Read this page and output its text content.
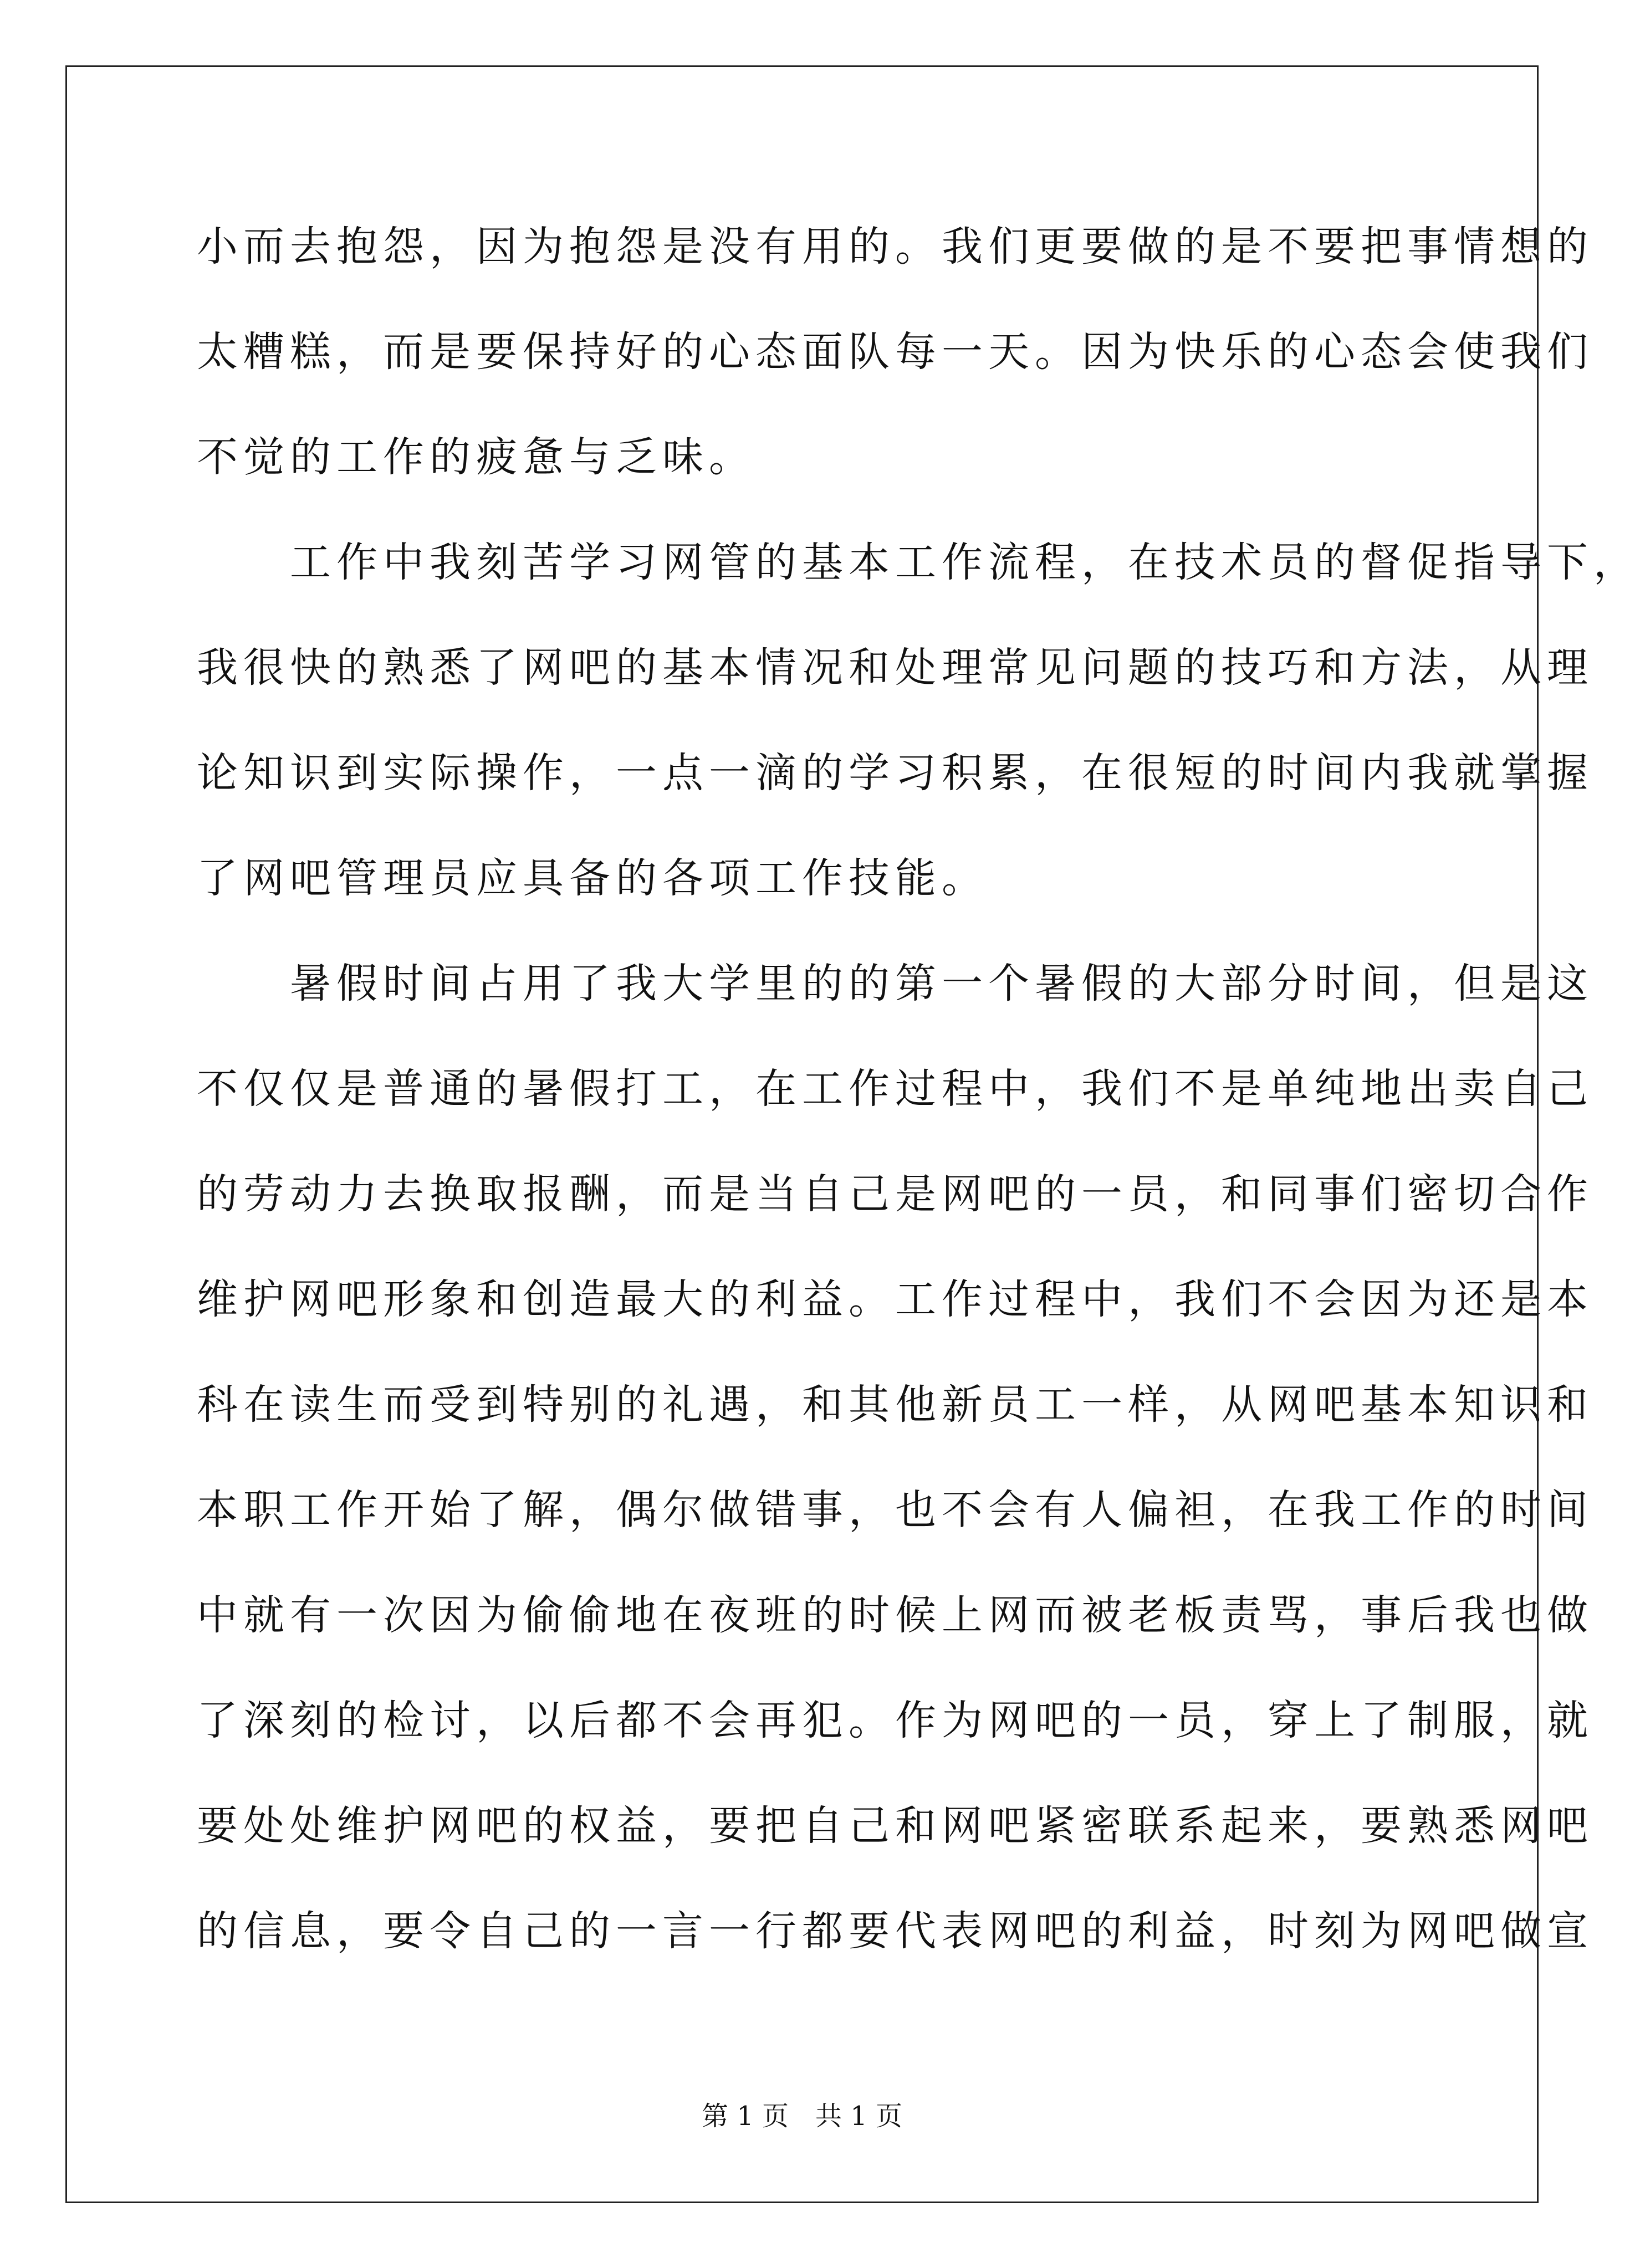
小而去抱怨，因为抱怨是没有用的。我们更要做的是不要把事情想的
太糟糕，而是要保持好的心态面队每一天。因为快乐的心态会使我们
不觉的工作的疲惫与乏味。
　　工作中我刻苦学习网管的基本工作流程，在技术员的督促指导下，
我很快的熟悉了网吧的基本情况和处理常见问题的技巧和方法，从理
论知识到实际操作，一点一滴的学习积累，在很短的时间内我就掌握
了网吧管理员应具备的各项工作技能。
　　暑假时间占用了我大学里的的第一个暑假的大部分时间，但是这
不仅仅是普通的暑假打工，在工作过程中，我们不是单纯地出卖自己
的劳动力去换取报酬，而是当自己是网吧的一员，和同事们密切合作
维护网吧形象和创造最大的利益。工作过程中，我们不会因为还是本
科在读生而受到特别的礼遇，和其他新员工一样，从网吧基本知识和
本职工作开始了解，偶尔做错事，也不会有人偏袒，在我工作的时间
中就有一次因为偷偷地在夜班的时候上网而被老板责骂，事后我也做
了深刻的检讨，以后都不会再犯。作为网吧的一员，穿上了制服，就
要处处维护网吧的权益，要把自己和网吧紧密联系起来，要熟悉网吧
的信息，要令自己的一言一行都要代表网吧的利益，时刻为网吧做宣
第 1 页　共 1 页
